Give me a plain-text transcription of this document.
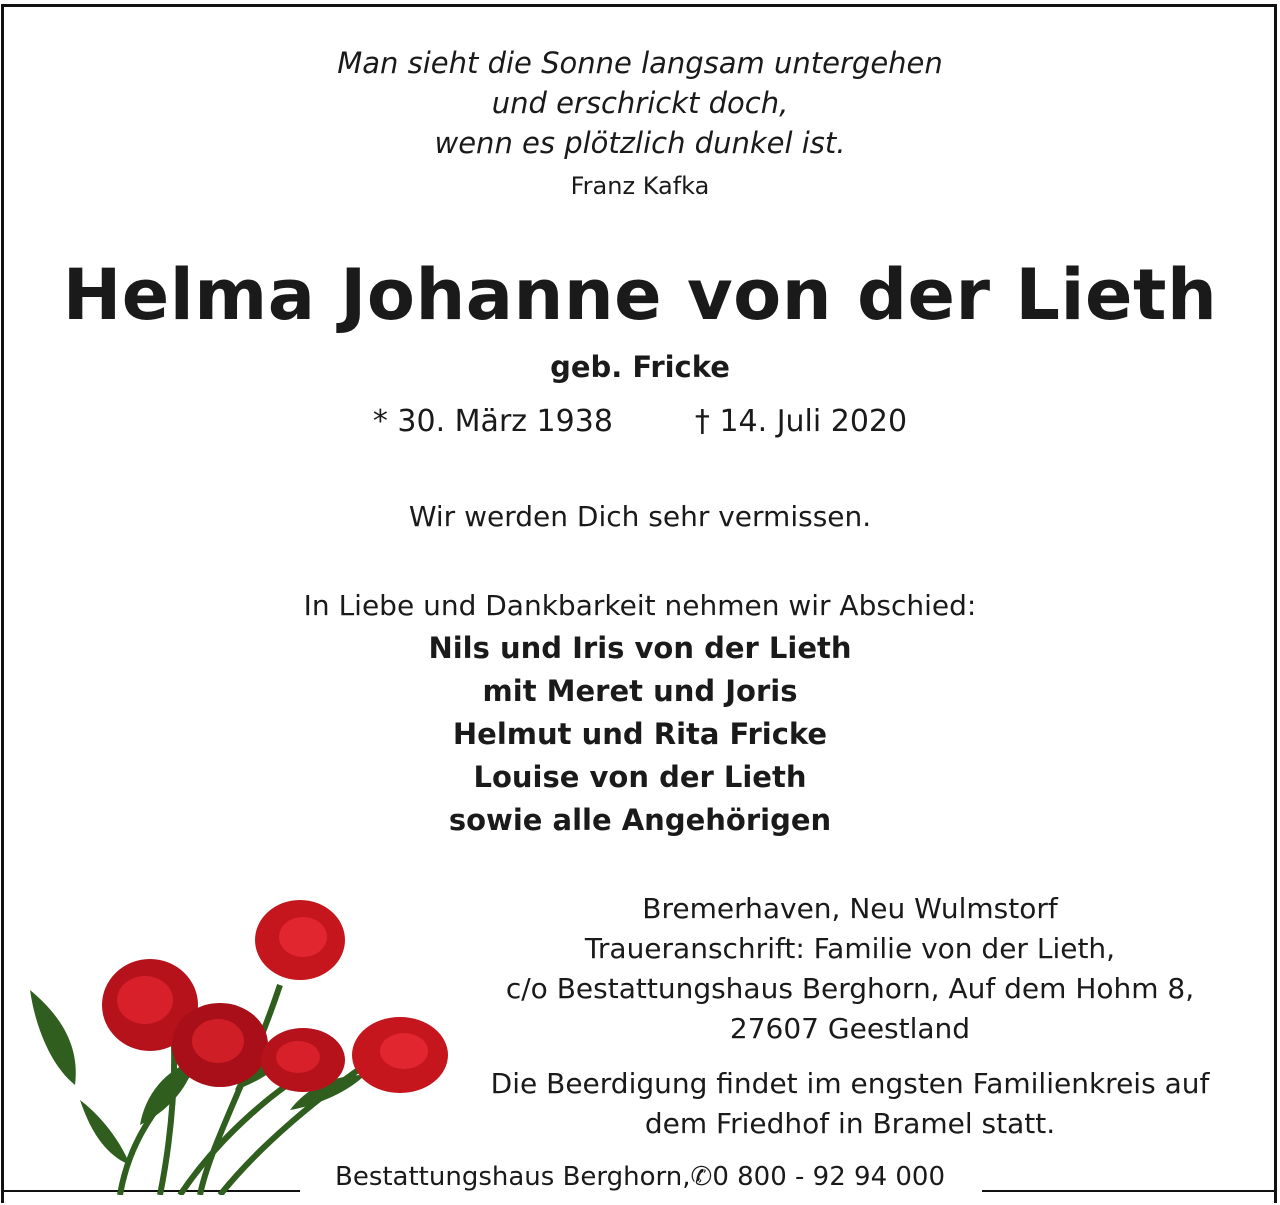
Man sieht die Sonne langsam untergehen
und erschrickt doch,
wenn es plötzlich dunkel ist.
Franz Kafka
Helma Johanne von der Lieth
geb. Fricke
* 30. März 1938	† 14. Juli 2020
Wir werden Dich sehr vermissen.
In Liebe und Dankbarkeit nehmen wir Abschied:
Nils und Iris von der Lieth
mit Meret und Joris
Helmut und Rita Fricke
Louise von der Lieth
sowie alle Angehörigen
Bremerhaven, Neu Wulmstorf
Traueranschrift: Familie von der Lieth,
c/o Bestattungshaus Berghorn, Auf dem Hohm 8,
27607 Geestland
Die Beerdigung findet im engsten Familienkreis auf
dem Friedhof in Bramel statt.
Bestattungshaus Berghorn,✆0 800 - 92 94 000
